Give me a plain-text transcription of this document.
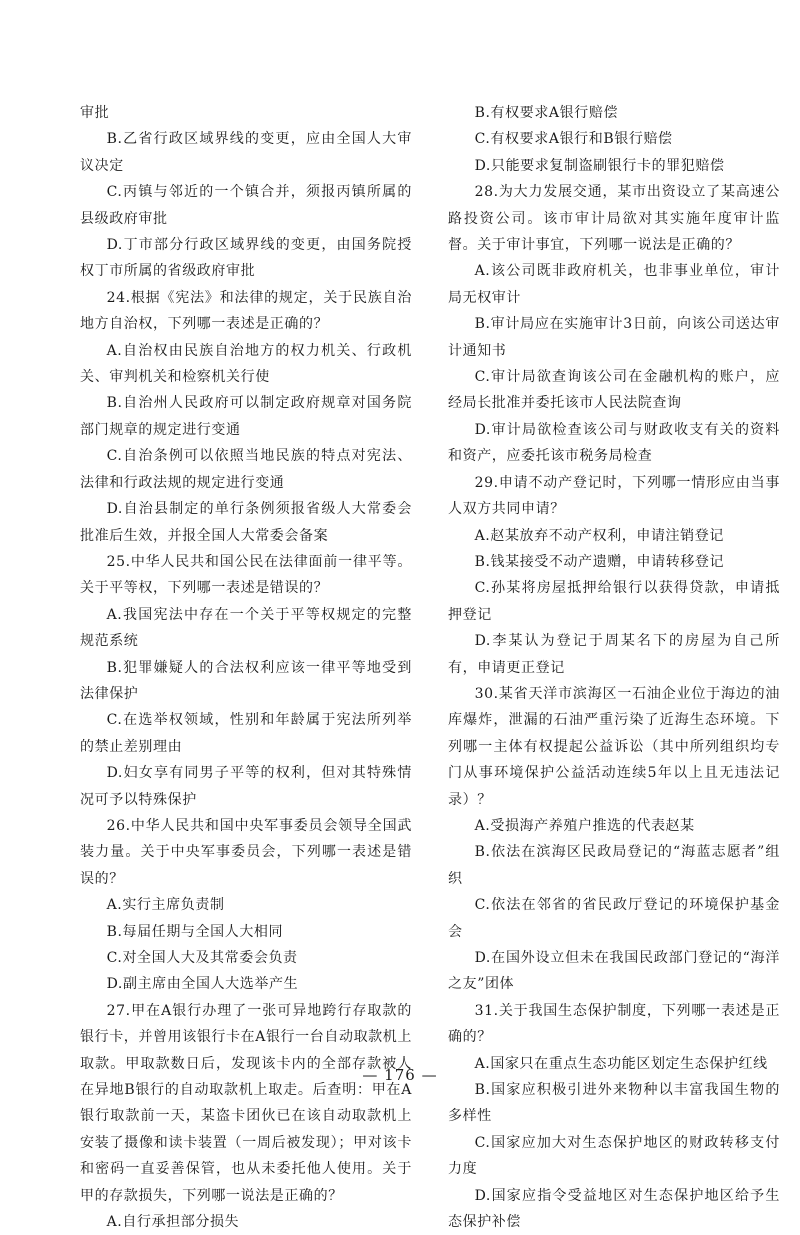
审批

B.乙省行政区域界线的变更，应由全国人大审议决定

C.丙镇与邻近的一个镇合并，须报丙镇所属的县级政府审批

D.丁市部分行政区域界线的变更，由国务院授权丁市所属的省级政府审批

24.根据《宪法》和法律的规定，关于民族自治地方自治权，下列哪一表述是正确的？

A.自治权由民族自治地方的权力机关、行政机关、审判机关和检察机关行使

B.自治州人民政府可以制定政府规章对国务院部门规章的规定进行变通

C.自治条例可以依照当地民族的特点对宪法、法律和行政法规的规定进行变通

D.自治县制定的单行条例须报省级人大常委会批准后生效，并报全国人大常委会备案

25.中华人民共和国公民在法律面前一律平等。关于平等权，下列哪一表述是错误的？

A.我国宪法中存在一个关于平等权规定的完整规范系统

B.犯罪嫌疑人的合法权利应该一律平等地受到法律保护

C.在选举权领域，性别和年龄属于宪法所列举的禁止差别理由

D.妇女享有同男子平等的权利，但对其特殊情况可予以特殊保护

26.中华人民共和国中央军事委员会领导全国武装力量。关于中央军事委员会，下列哪一表述是错误的？

A.实行主席负责制

B.每届任期与全国人大相同

C.对全国人大及其常委会负责

D.副主席由全国人大选举产生

27.甲在A银行办理了一张可异地跨行存取款的银行卡，并曾用该银行卡在A银行一台自动取款机上取款。甲取款数日后，发现该卡内的全部存款被人在异地B银行的自动取款机上取走。后查明：甲在A银行取款前一天，某盗卡团伙已在该自动取款机上安装了摄像和读卡装置（一周后被发现）；甲对该卡和密码一直妥善保管，也从未委托他人使用。关于甲的存款损失，下列哪一说法是正确的？

A.自行承担部分损失

B.有权要求A银行赔偿

C.有权要求A银行和B银行赔偿

D.只能要求复制盗刷银行卡的罪犯赔偿

28.为大力发展交通，某市出资设立了某高速公路投资公司。该市审计局欲对其实施年度审计监督。关于审计事宜，下列哪一说法是正确的？

A.该公司既非政府机关，也非事业单位，审计局无权审计

B.审计局应在实施审计3日前，向该公司送达审计通知书

C.审计局欲查询该公司在金融机构的账户，应经局长批准并委托该市人民法院查询

D.审计局欲检查该公司与财政收支有关的资料和资产，应委托该市税务局检查

29.申请不动产登记时，下列哪一情形应由当事人双方共同申请？

A.赵某放弃不动产权利，申请注销登记

B.钱某接受不动产遗赠，申请转移登记

C.孙某将房屋抵押给银行以获得贷款，申请抵押登记

D.李某认为登记于周某名下的房屋为自己所有，申请更正登记

30.某省天洋市滨海区一石油企业位于海边的油库爆炸，泄漏的石油严重污染了近海生态环境。下列哪一主体有权提起公益诉讼（其中所列组织均专门从事环境保护公益活动连续5年以上且无违法记录）？

A.受损海产养殖户推选的代表赵某

B.依法在滨海区民政局登记的“海蓝志愿者”组织

C.依法在邻省的省民政厅登记的环境保护基金会

D.在国外设立但未在我国民政部门登记的“海洋之友”团体

31.关于我国生态保护制度，下列哪一表述是正确的？

A.国家只在重点生态功能区划定生态保护红线

B.国家应积极引进外来物种以丰富我国生物的多样性

C.国家应加大对生态保护地区的财政转移支付力度

D.国家应指令受益地区对生态保护地区给予生态保护补偿

— 176 —
